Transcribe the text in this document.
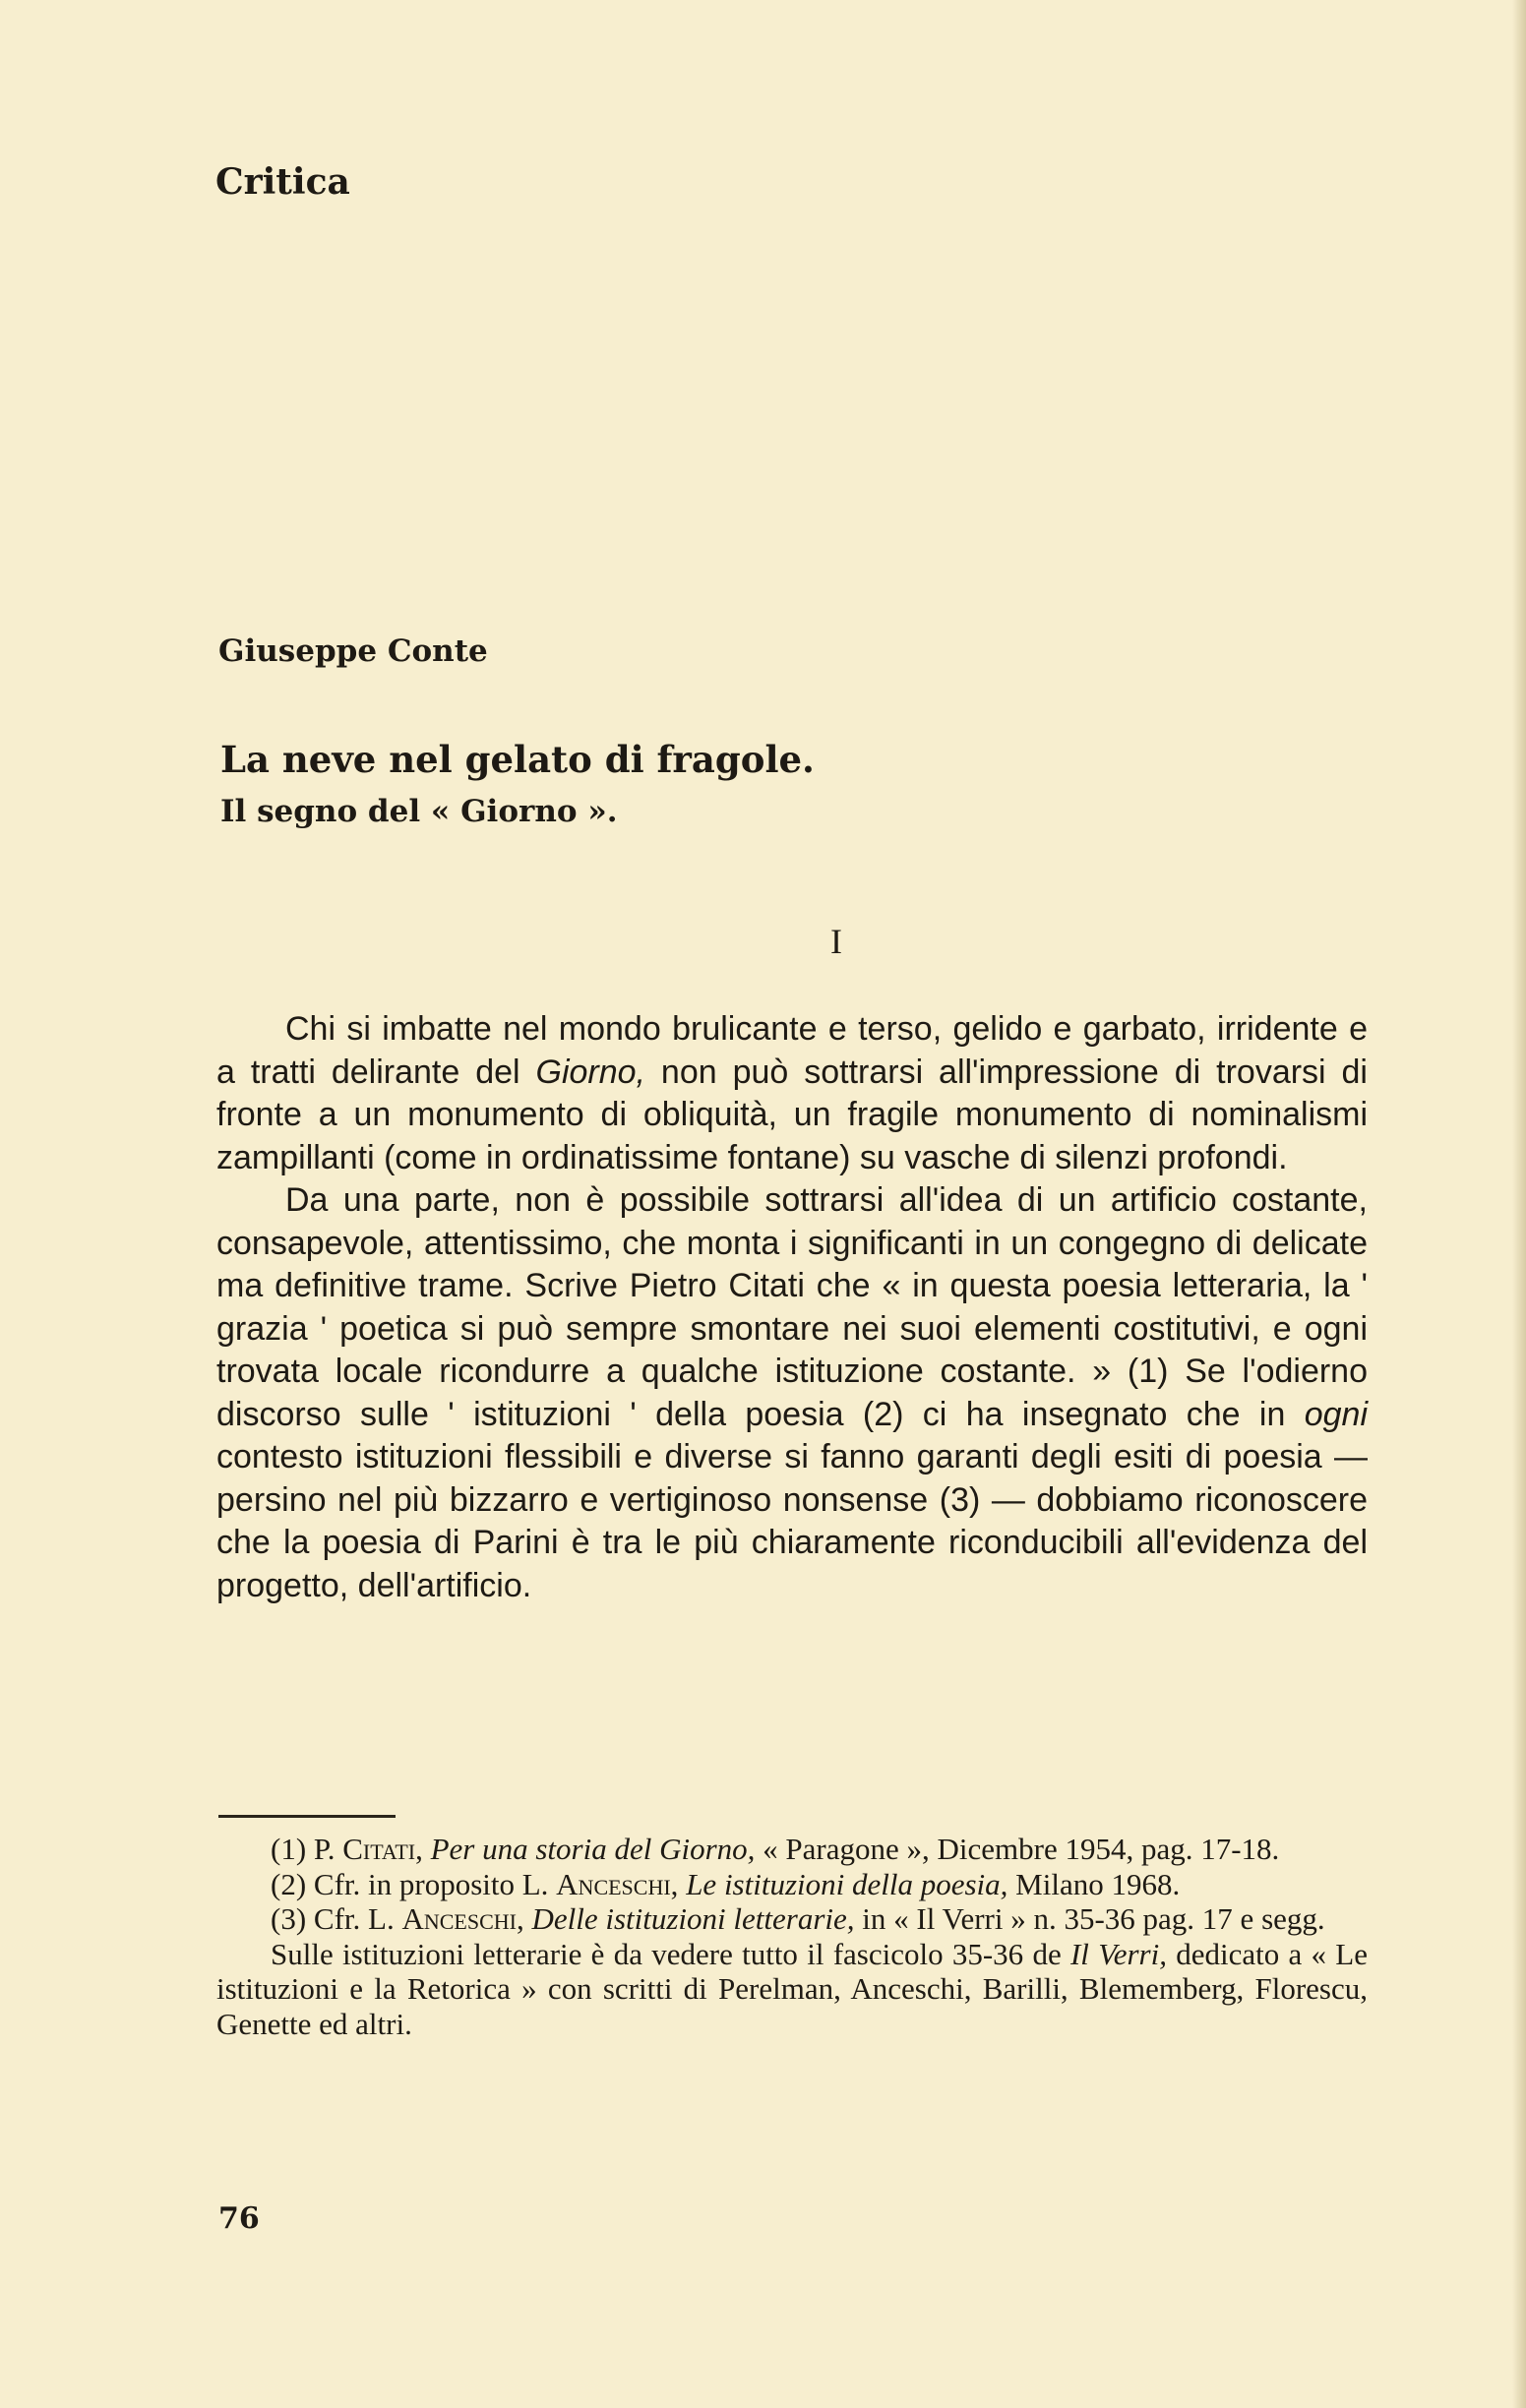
Critica
Giuseppe Conte
La neve nel gelato di fragole.
Il segno del « Giorno ».
I

Chi si imbatte nel mondo brulicante e terso, gelido e garbato, irridente e a tratti delirante del Giorno, non può sottrarsi all'impressione di trovarsi di fronte a un monumento di obliquità, un fragile monumento di nominalismi zampillanti (come in ordinatissime fontane) su vasche di silenzi profondi.

Da una parte, non è possibile sottrarsi all'idea di un artificio costante, consapevole, attentissimo, che monta i significanti in un congegno di delicate ma definitive trame. Scrive Pietro Citati che « in questa poesia letteraria, la ' grazia ' poetica si può sempre smontare nei suoi elementi costitutivi, e ogni trovata locale ricondurre a qualche istituzione costante. » (1) Se l'odierno discorso sulle ' istituzioni ' della poesia (2) ci ha insegnato che in ogni contesto istituzioni flessibili e diverse si fanno garanti degli esiti di poesia — persino nel più bizzarro e vertiginoso nonsense (3) — dobbiamo riconoscere che la poesia di Parini è tra le più chiaramente riconducibili all'evidenza del progetto, dell'artificio.

(1) P. Citati, Per una storia del Giorno, « Paragone », Dicembre 1954, pag. 17-18.

(2) Cfr. in proposito L. Anceschi, Le istituzioni della poesia, Milano 1968.

(3) Cfr. L. Anceschi, Delle istituzioni letterarie, in « Il Verri » n. 35-36 pag. 17 e segg.

Sulle istituzioni letterarie è da vedere tutto il fascicolo 35-36 de Il Verri, dedicato a « Le istituzioni e la Retorica » con scritti di Perelman, Anceschi, Barilli, Blememberg, Florescu, Genette ed altri.

76
